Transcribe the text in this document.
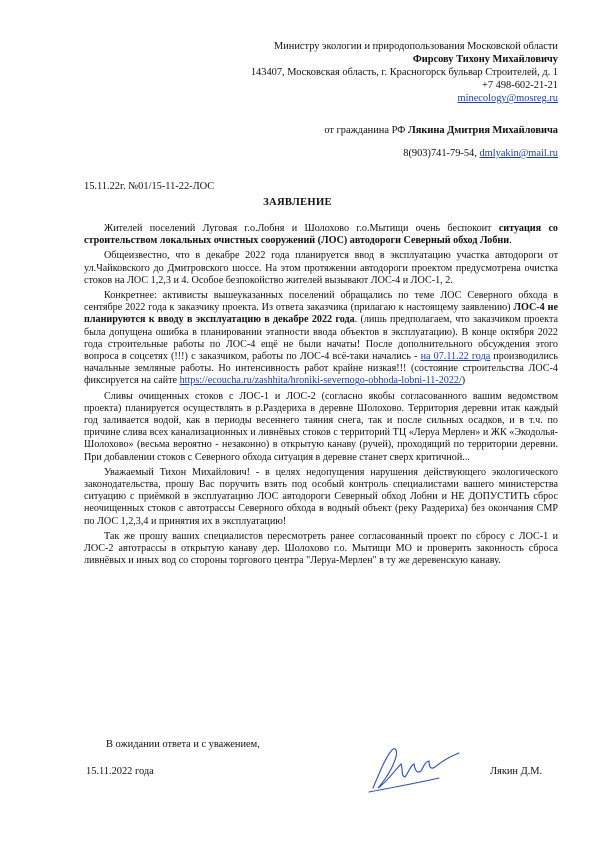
Министру экологии и природопользования Московской области
Фирсову Тихону Михайловичу
143407, Московская область, г. Красногорск бульвар Строителей, д. 1
+7 498-602-21-21
minecology@mosreg.ru
от гражданина РФ Лякина Дмитрия Михайловича
8(903)741-79-54, dmlyakin@mail.ru
15.11.22г. №01/15-11-22-ЛОС
ЗАЯВЛЕНИЕ

Жителей поселений Луговая г.о.Лобня и Шолохово г.о.Мытищи очень беспокоит ситуация со строительством локальных очистных сооружений (ЛОС) автодороги Северный обход Лобни.

Общеизвестно, что в декабре 2022 года планируется ввод в эксплуатацию участка автодороги от ул.Чайковского до Дмитровского шоссе. На этом протяжении автодороги проектом предусмотрена очистка стоков на ЛОС 1,2,3 и 4. Особое безпокойство жителей вызывают ЛОС-4 и ЛОС-1, 2.

Конкретнее: активисты вышеуказанных поселений обращались по теме ЛОС Северного обхода в сентябре 2022 года к заказчику проекта. Из ответа заказчика (прилагаю к настоящему заявлению) ЛОС-4 не планируются к вводу в эксплуатацию в декабре 2022 года. (лишь предполагаем, что заказчиком проекта была допущена ошибка в планировании этапности ввода объектов в эксплуатацию). В конце октября 2022 года строительные работы по ЛОС-4 ещё не были начаты! После дополнительного обсуждения этого вопроса в соцсетях (!!!) с заказчиком, работы по ЛОС-4 всё-таки начались - на 07.11.22 года производились начальные земляные работы. Но интенсивность работ крайне низкая!!! (состояние строительства ЛОС-4 фиксируется на сайте https://ecoucha.ru/zashhita/hroniki-severnogo-obhoda-lobni-11-2022/)

Сливы очищенных стоков с ЛОС-1 и ЛОС-2 (согласно якобы согласованного вашим ведомством проекта) планируется осуществлять в р.Раздериха в деревне Шолохово. Территория деревни итак каждый год заливается водой, как в периоды весеннего таяния снега, так и после сильных осадков, и в т.ч. по причине слива всех канализационных и ливнёвых стоков с территорий ТЦ «Леруа Мерлен» и ЖК «Экодолья-Шолохово» (весьма вероятно - незаконно) в открытую канаву (ручей), проходящий по территории деревни. При добавлении стоков с Северного обхода ситуация в деревне станет сверх критичной...

Уважаемый Тихон Михайлович! - в целях недопущения нарушения действующего экологического законодательства, прошу Вас поручить взять под особый контроль специалистами вашего министерства ситуацию с приёмкой в эксплуатацию ЛОС автодороги Северный обход Лобни и НЕ ДОПУСТИТЬ сброс неочищенных стоков с автотрассы Северного обхода в водный объект (реку Раздериха) без окончания СМР по ЛОС 1,2,3,4 и принятия их в эксплуатацию!

Так же прошу ваших специалистов пересмотреть ранее согласованный проект по сбросу с ЛОС-1 и ЛОС-2 автотрассы в открытую канаву дер. Шолохово г.о. Мытищи МО и проверить законность сброса ливнёвых и иных вод со стороны торгового центра "Леруа-Мерлен" в ту же деревенскую канаву.

В ожидании ответа и с уважением,
15.11.2022 года	Лякин Д.М.
